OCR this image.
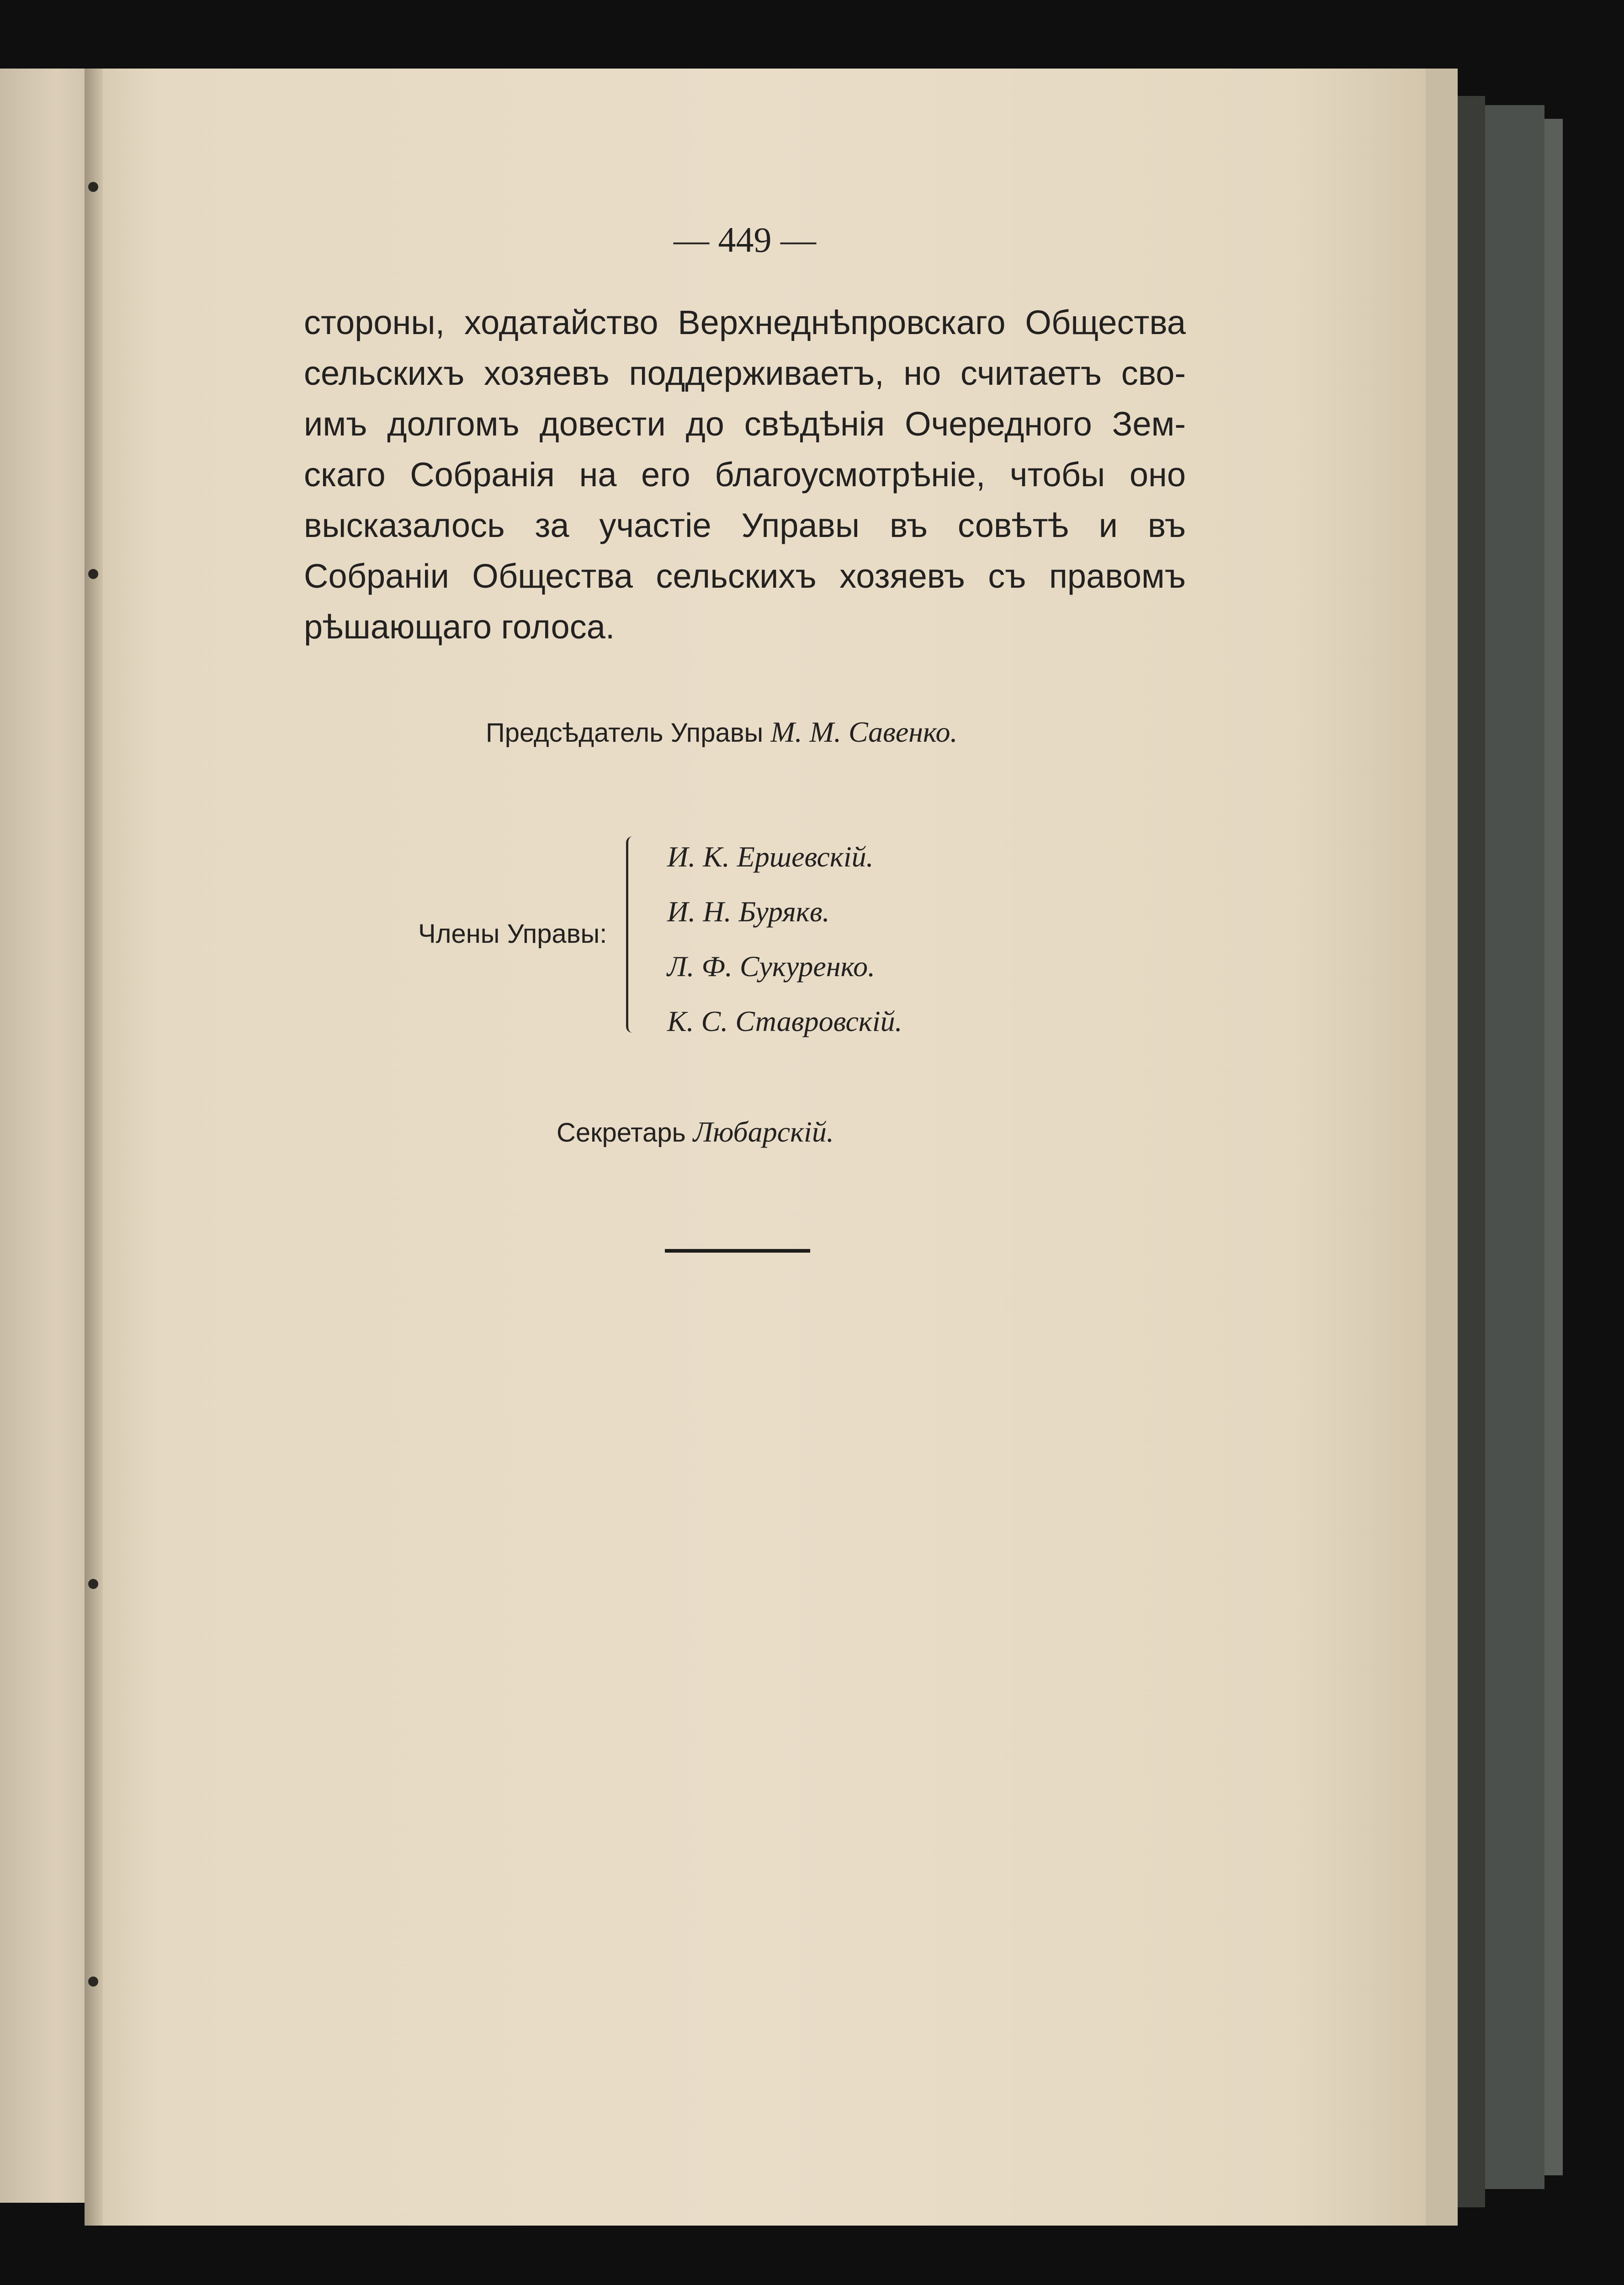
— 449 —
стороны, ходатайство Верхнеднѣпровскаго Общества
сельскихъ хозяевъ поддерживаетъ, но считаетъ сво-
имъ долгомъ довести до свѣдѣнія Очередного Зем-
скаго Собранія на его благоусмотрѣніе, чтобы оно
высказалось за участіе Управы въ совѣтѣ и въ
Собраніи Общества сельскихъ хозяевъ съ правомъ
рѣшающаго голоса.
Предсѣдатель Управы М. М. Савенко.
Члены Управы:
И. К. Ершевскій.
И. Н. Бурякв.
Л. Ф. Сукуренко.
К. С. Ставровскій.
Секретарь Любарскій.
